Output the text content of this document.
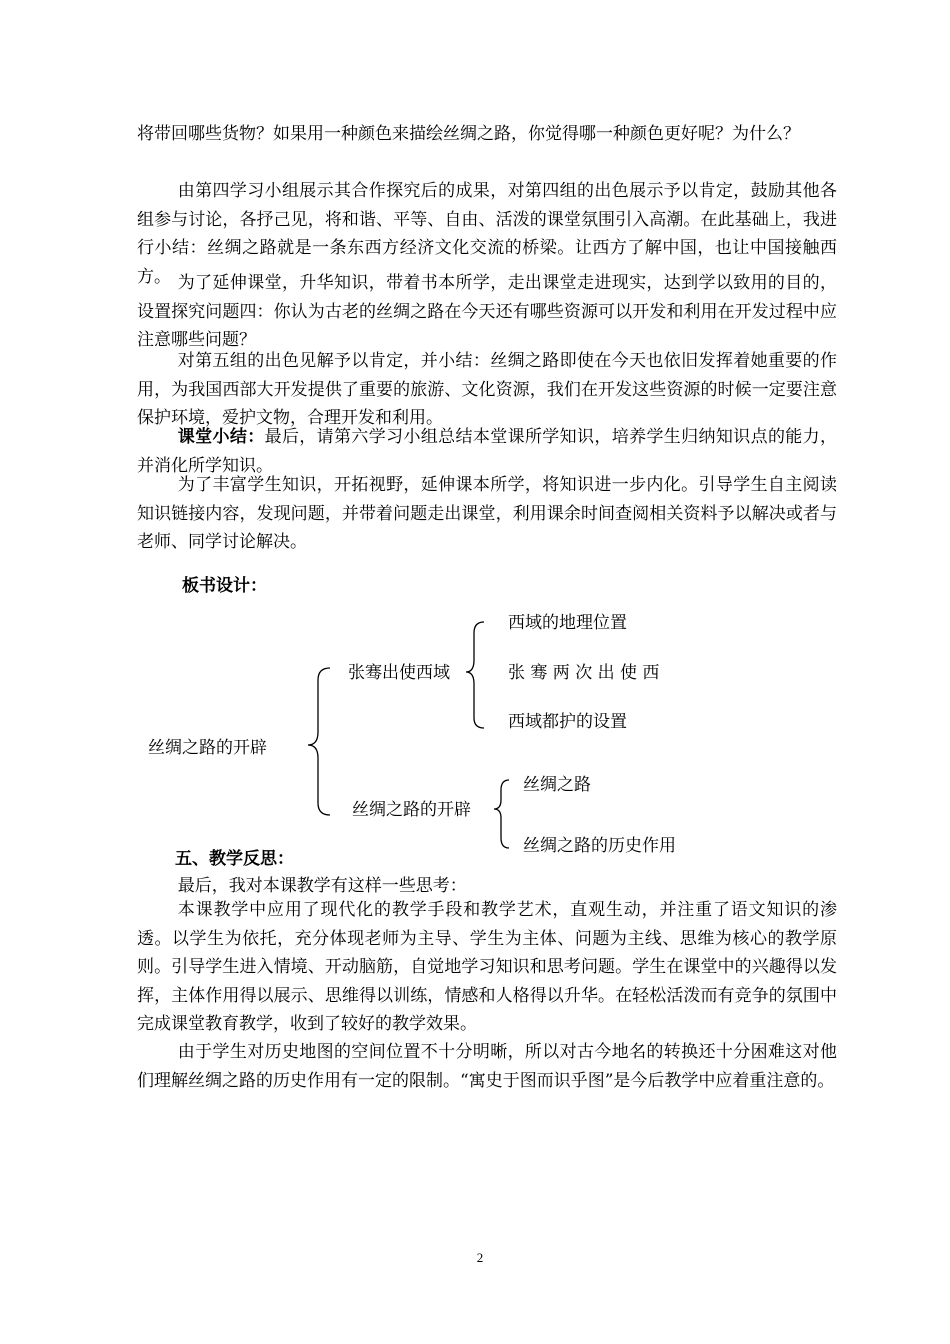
将带回哪些货物？如果用一种颜色来描绘丝绸之路，你觉得哪一种颜色更好呢？为什么？

由第四学习小组展示其合作探究后的成果，对第四组的出色展示予以肯定，鼓励其他各组参与讨论，各抒己见，将和谐、平等、自由、活泼的课堂氛围引入高潮。在此基础上，我进行小结：丝绸之路就是一条东西方经济文化交流的桥梁。让西方了解中国，也让中国接触西方。 为了延伸课堂，升华知识，带着书本所学，走出课堂走进现实，达到学以致用的目的，设置探究问题四：你认为古老的丝绸之路在今天还有哪些资源可以开发和利用在开发过程中应注意哪些问题？

对第五组的出色见解予以肯定，并小结：丝绸之路即使在今天也依旧发挥着她重要的作用，为我国西部大开发提供了重要的旅游、文化资源，我们在开发这些资源的时候一定要注意保护环境，爱护文物，合理开发和利用。

课堂小结：最后，请第六学习小组总结本堂课所学知识，培养学生归纳知识点的能力，并消化所学知识。

为了丰富学生知识，开拓视野，延伸课本所学，将知识进一步内化。引导学生自主阅读知识链接内容，发现问题，并带着问题走出课堂，利用课余时间查阅相关资料予以解决或者与老师、同学讨论解决。

板书设计：
丝绸之路的开辟
张骞出使西域
西域的地理位置
张 骞 两 次 出 使 西
西域都护的设置
丝绸之路的开辟
丝绸之路
丝绸之路的历史作用
五、教学反思：

最后，我对本课教学有这样一些思考：

本课教学中应用了现代化的教学手段和教学艺术，直观生动，并注重了语文知识的渗透。以学生为依托，充分体现老师为主导、学生为主体、问题为主线、思维为核心的教学原则。引导学生进入情境、开动脑筋，自觉地学习知识和思考问题。学生在课堂中的兴趣得以发挥，主体作用得以展示、思维得以训练，情感和人格得以升华。在轻松活泼而有竞争的氛围中完成课堂教育教学，收到了较好的教学效果。

由于学生对历史地图的空间位置不十分明晰，所以对古今地名的转换还十分困难这对他们理解丝绸之路的历史作用有一定的限制。“寓史于图而识乎图”是今后教学中应着重注意的。

2
